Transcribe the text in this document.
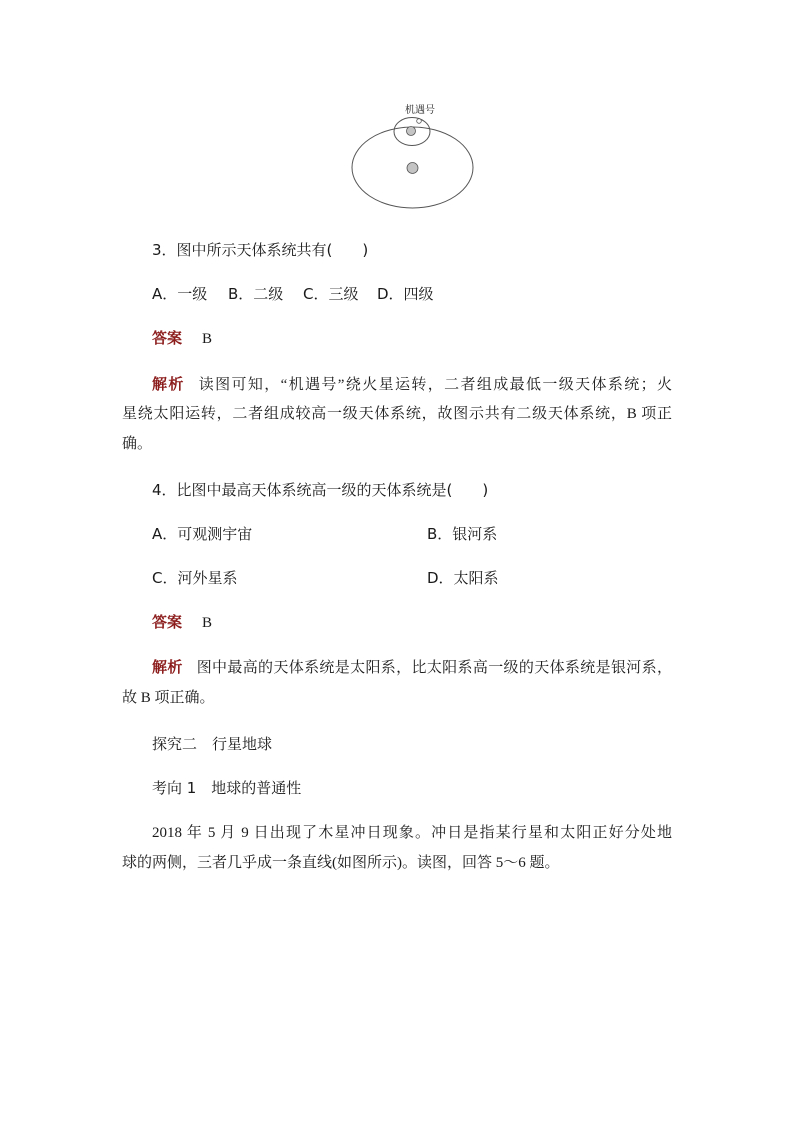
机遇号
3．图中所示天体系统共有(　　)
A．一级 B．二级 C．三级 D．四级
答案 B
解析 读图可知，“机遇号”绕火星运转，二者组成最低一级天体系统；火
星绕太阳运转，二者组成较高一级天体系统，故图示共有二级天体系统，B 项正
确。
4．比图中最高天体系统高一级的天体系统是(　　)
A．可观测宇宙	B．银河系
C．河外星系	D．太阳系
答案 B
解析 图中最高的天体系统是太阳系，比太阳系高一级的天体系统是银河系，
故 B 项正确。
探究二　行星地球
考向 1　地球的普通性
2018 年 5 月 9 日出现了木星冲日现象。冲日是指某行星和太阳正好分处地
球的两侧，三者几乎成一条直线(如图所示)。读图，回答 5～6 题。
